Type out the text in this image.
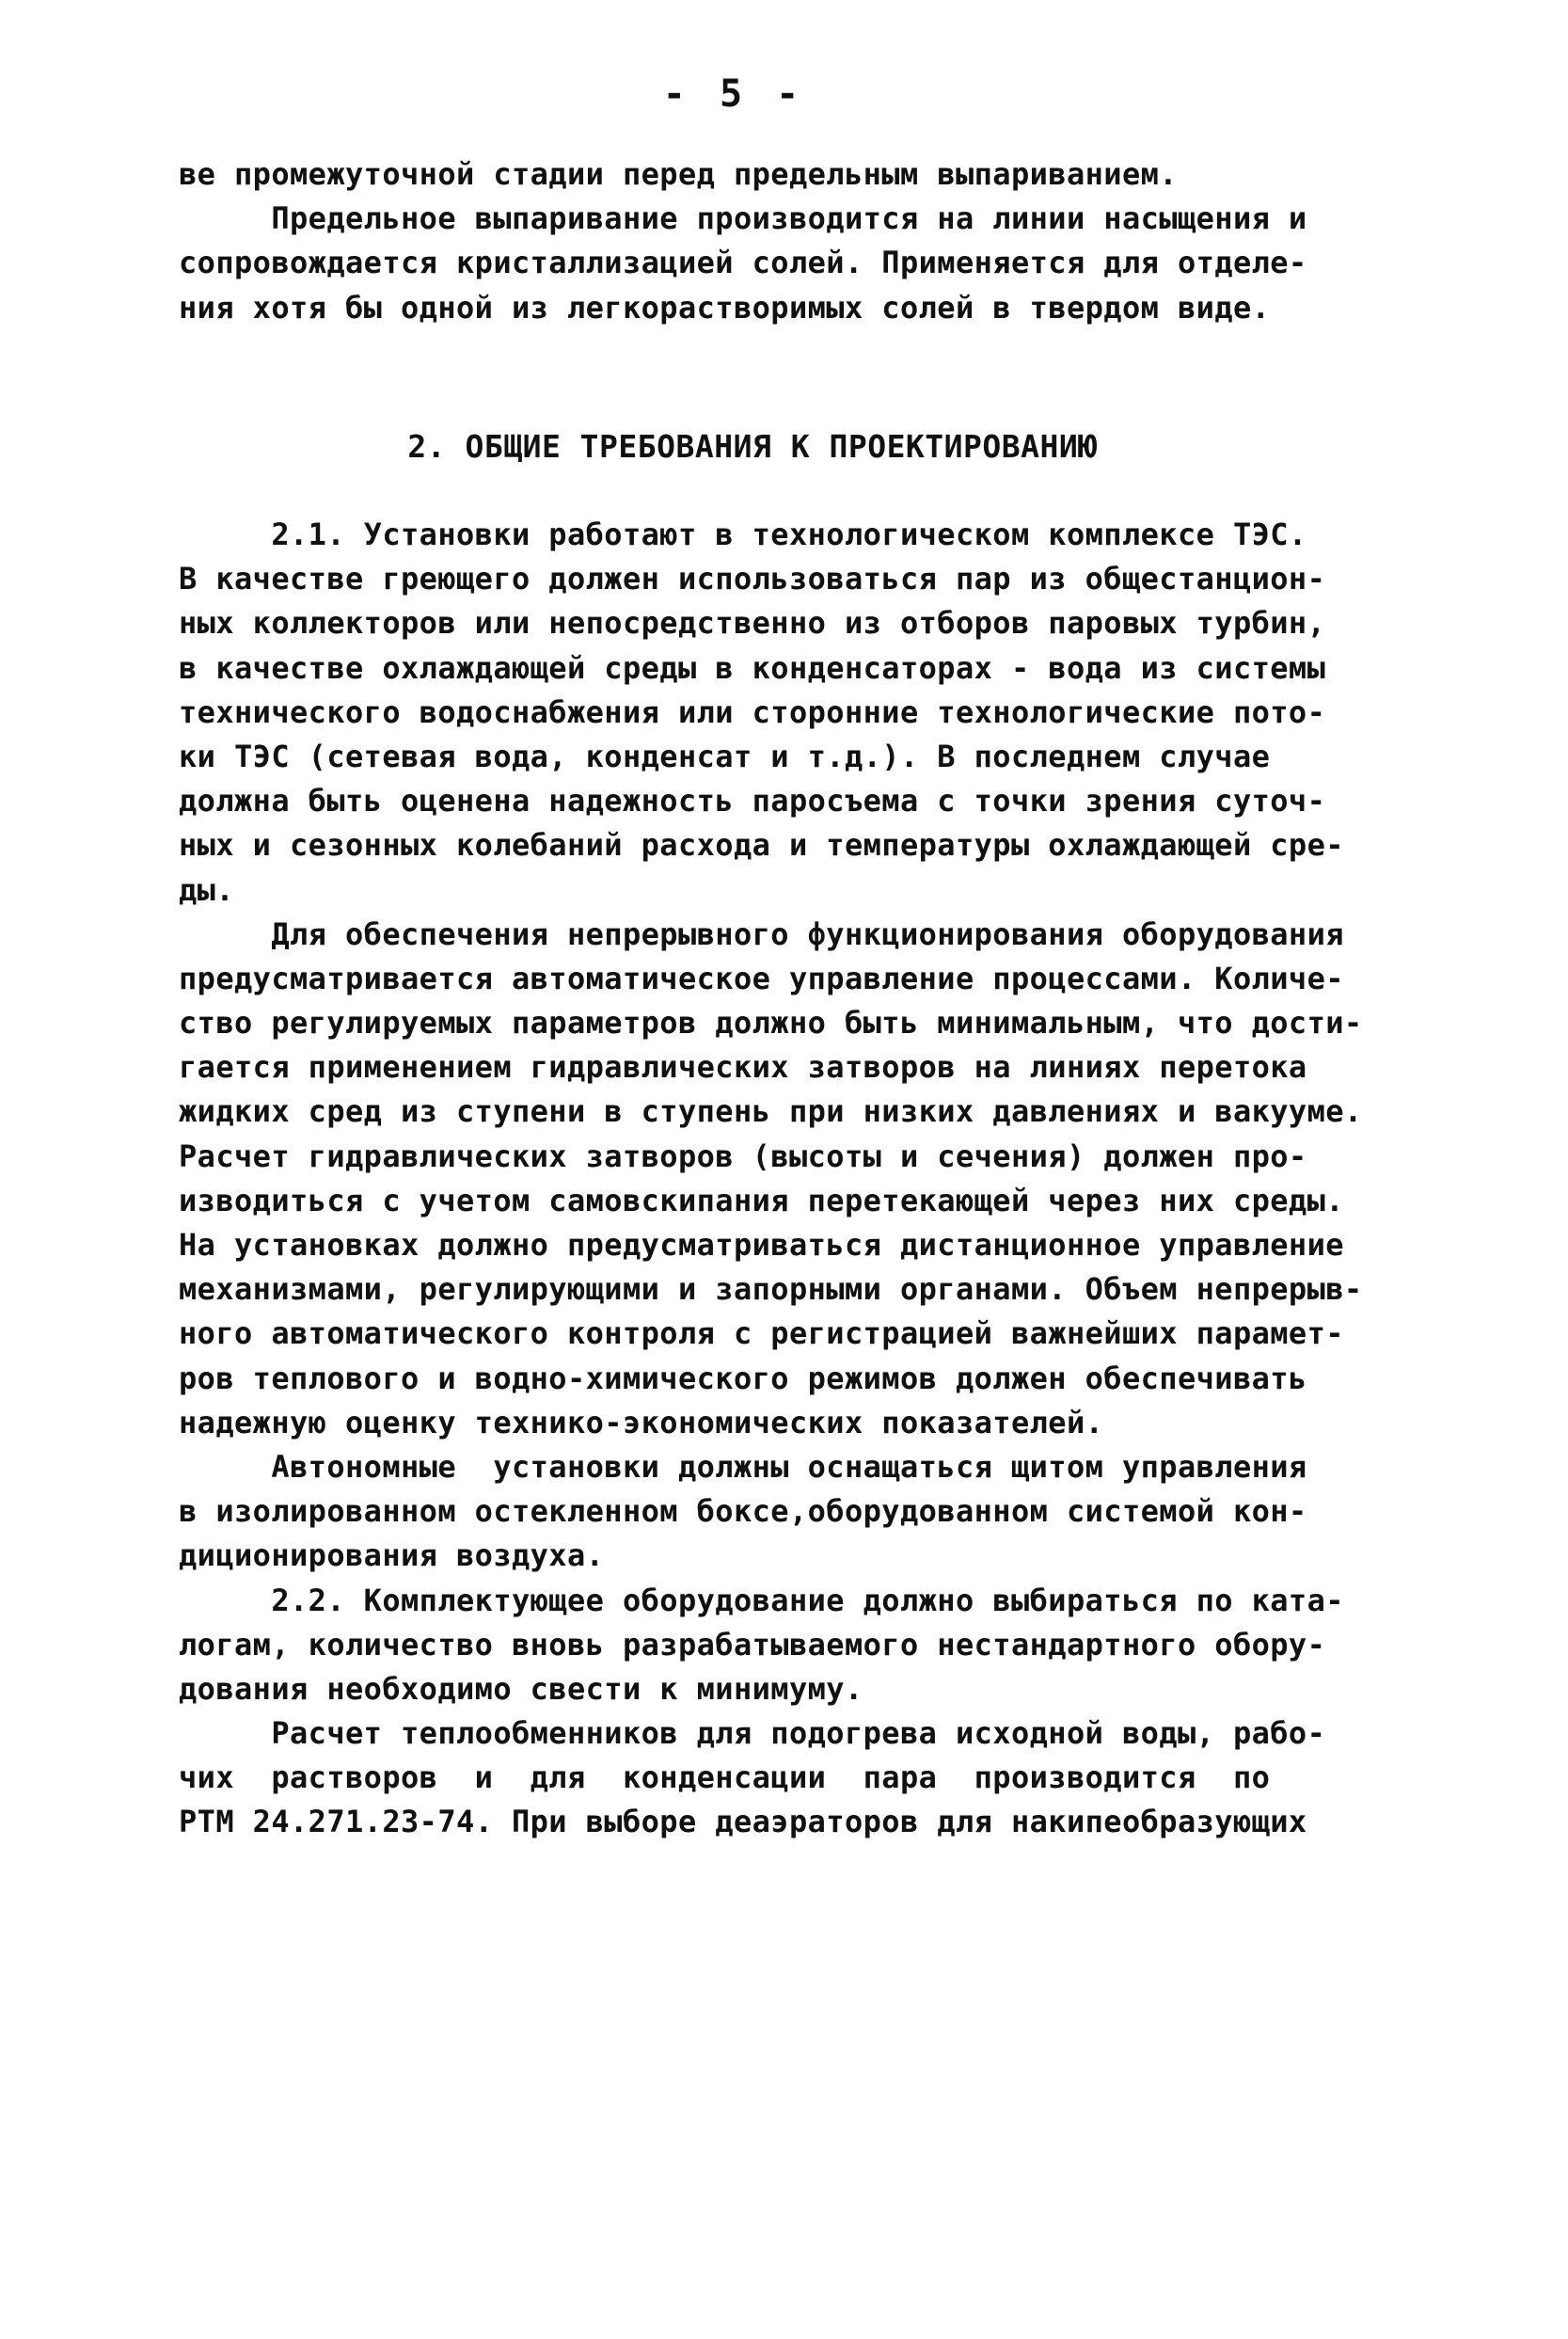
- 5 -
ве промежуточной стадии перед предельным выпариванием.
Предельное выпаривание производится на линии насыщения и
сопровождается кристаллизацией солей. Применяется для отделе-
ния хотя бы одной из легкорастворимых солей в твердом виде.
2. ОБЩИЕ ТРЕБОВАНИЯ К ПРОЕКТИРОВАНИЮ
2.1. Установки работают в технологическом комплексе ТЭС.
В качестве греющего должен использоваться пар из общестанцион-
ных коллекторов или непосредственно из отборов паровых турбин,
в качестве охлаждающей среды в конденсаторах - вода из системы
технического водоснабжения или сторонние технологические пото-
ки ТЭС (сетевая вода, конденсат и т.д.). В последнем случае
должна быть оценена надежность паросъема с точки зрения суточ-
ных и сезонных колебаний расхода и температуры охлаждающей сре-
ды.
Для обеспечения непрерывного функционирования оборудования
предусматривается автоматическое управление процессами. Количе-
ство регулируемых параметров должно быть минимальным, что дости-
гается применением гидравлических затворов на линиях перетока
жидких сред из ступени в ступень при низких давлениях и вакууме.
Расчет гидравлических затворов (высоты и сечения) должен про-
изводиться с учетом самовскипания перетекающей через них среды.
На установках должно предусматриваться дистанционное управление
механизмами, регулирующими и запорными органами. Объем непрерыв-
ного автоматического контроля с регистрацией важнейших парамет-
ров теплового и водно-химического режимов должен обеспечивать
надежную оценку технико-экономических показателей.
Автономные  установки должны оснащаться щитом управления
в изолированном остекленном боксе,оборудованном системой кон-
диционирования воздуха.
2.2. Комплектующее оборудование должно выбираться по ката-
логам, количество вновь разрабатываемого нестандартного обору-
дования необходимо свести к минимуму.
Расчет теплообменников для подогрева исходной воды, рабо-
чих  растворов  и  для  конденсации  пара  производится  по
РТМ 24.271.23-74. При выборе деаэраторов для накипеобразующих
